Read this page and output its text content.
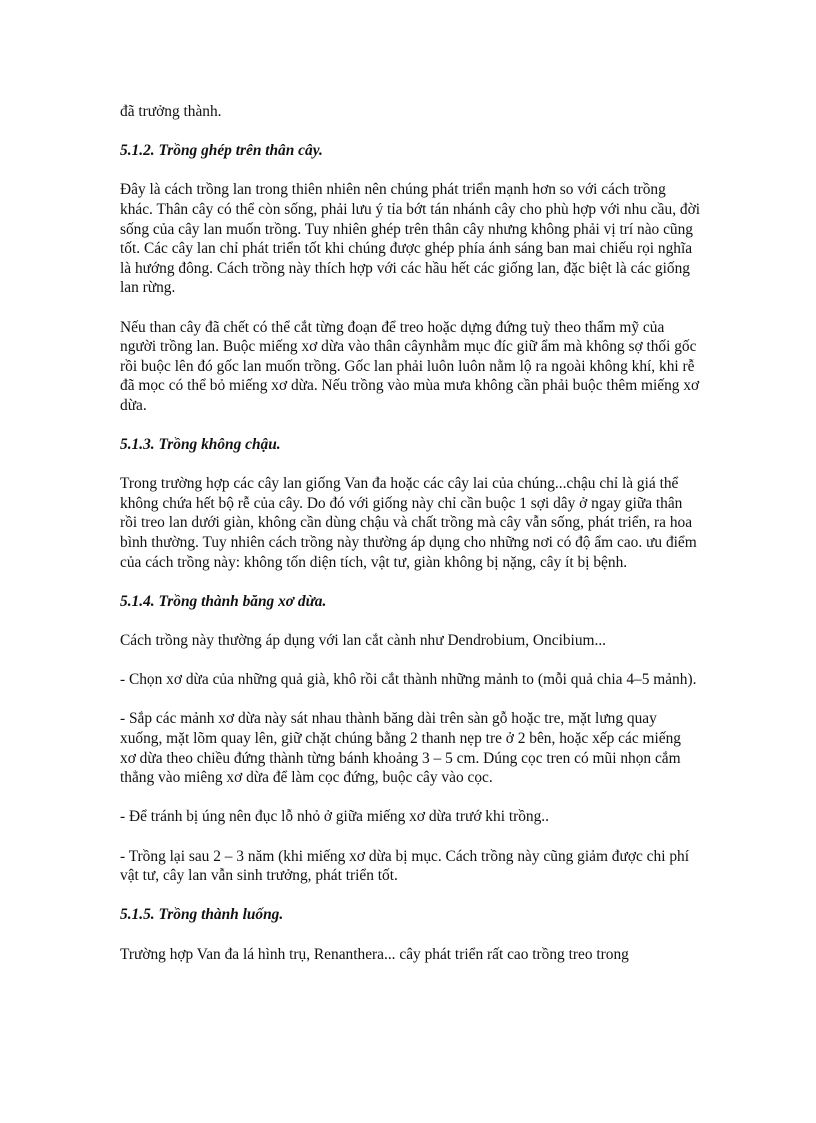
đã trưởng thành.

5.1.2. Trồng ghép trên thân cây.

Đây là cách trồng lan trong thiên nhiên nên chúng phát triển mạnh hơn so với cách trồng khác. Thân cây có thể còn sống, phải lưu ý tỉa bớt tán nhánh cây cho phù hợp với nhu cầu, đời sống của cây lan muốn trồng. Tuy nhiên ghép trên thân cây nhưng không phải vị trí nào cũng tốt. Các cây lan chỉ phát triển tốt khi chúng được ghép phía ánh sáng ban mai chiếu rọi nghĩa là hướng đông. Cách trồng này thích hợp với các hầu hết các giống lan, đặc biệt là các giống lan rừng.

Nếu than cây đã chết có thể cắt từng đoạn để treo hoặc dựng đứng tuỳ theo thẩm mỹ của người trồng lan. Buộc miếng xơ dừa vào thân câynhằm mục đíc giữ ẩm mà không sợ thối gốc rồi buộc lên đó gốc lan muốn trồng. Gốc lan phải luôn luôn nằm lộ ra ngoài không khí, khi rễ đã mọc có thể bỏ miếng xơ dừa. Nếu trồng vào mùa mưa không cần phải buộc thêm miếng xơ dừa.

5.1.3. Trồng không chậu.

Trong trường hợp các cây lan giống Van đa hoặc các cây lai của chúng...chậu chỉ là giá thể không chứa hết bộ rễ của cây. Do đó với giống này chỉ cần buộc 1 sợi dây ở ngay giữa thân rồi treo lan dưới giàn, không cần dùng chậu và chất trồng mà cây vẫn sống, phát triển, ra hoa bình thường. Tuy nhiên cách trồng này thường áp dụng cho những nơi có độ ẩm cao. ưu điểm của cách trồng này: không tốn diện tích, vật tư, giàn không bị nặng, cây ít bị bệnh.

5.1.4. Trồng thành băng xơ dừa.

Cách trồng này thường áp dụng với lan cắt cành như Dendrobium, Oncibium...

- Chọn xơ dừa của những quả già, khô rồi cắt thành những mảnh to (mỗi quả chia 4–5 mảnh).

- Sắp các mảnh xơ dừa này sát nhau thành băng dài trên sàn gỗ hoặc tre, mặt lưng quay xuống, mặt lõm quay lên, giữ chặt chúng bằng 2 thanh nẹp tre ở 2 bên, hoặc xếp các miếng xơ dừa theo chiều đứng thành từng bánh khoảng 3 – 5 cm. Dúng cọc tren có mũi nhọn cắm thẳng vào miêng xơ dừa để làm cọc đứng, buộc cây vào cọc.

- Để tránh bị úng nên đục lỗ nhỏ ở giữa miếng xơ dừa trướ khi trồng..

- Trồng lại sau 2 – 3 năm (khi miếng xơ dừa bị mục. Cách trồng này cũng giảm được chi phí vật tư, cây lan vẫn sinh trưởng, phát triển tốt.

5.1.5. Trồng thành luống.

Trường hợp Van đa lá hình trụ, Renanthera... cây phát triển rất cao trồng treo trong
